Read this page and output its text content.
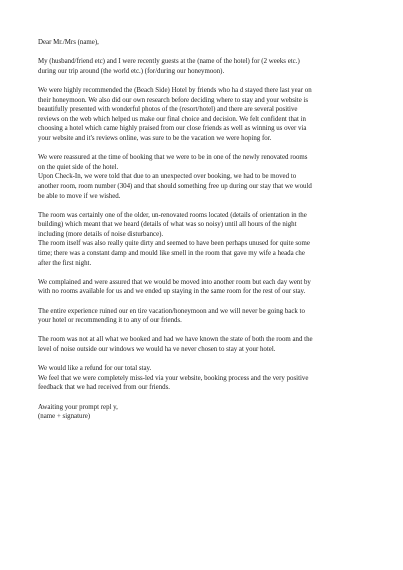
Dear Mr./Mrs (name),
My (husband/friend etc) and I were recently guests at the (name of the hotel) for (2 weeks etc.)
during our trip around (the world etc.) (for/during our honeymoon).
We were highly recommended the (Beach Side) Hotel by friends who ha d stayed there last year on
their honeymoon. We also did our own research before deciding where to stay and your website is
beautifully presented with wonderful photos of the (resort/hotel) and there are several positive
reviews on the web which helped us make our final choice and decision. We felt confident that in
choosing a hotel which came highly praised from our close friends as well as winning us over via
your website and it's reviews online, was sure to be the vacation we were hoping for.
We were reassured at the time of booking that we were to be in one of the newly renovated rooms
on the quiet side of the hotel.
Upon Check-In, we were told that due to an unexpected over booking, we had to be moved to
another room, room number (304) and that should something free up during our stay that we would
be able to move if we wished.
The room was certainly one of the older, un-renovated rooms located (details of orientation in the
building) which meant that we heard (details of what was so noisy) until all hours of the night
including (more details of noise disturbance).
The room itself was also really quite dirty and seemed to have been perhaps unused for quite some
time; there was a constant damp and mould like smell in the room that gave my wife a heada che
after the first night.
We complained and were assured that we would be moved into another room but each day went by
with no rooms available for us and we ended up staying in the same room for the rest of our stay.
The entire experience ruined our en tire vacation/honeymoon and we will never be going back to
your hotel or recommending it to any of our friends.
The room was not at all what we booked and had we have known the state of both the room and the
level of noise outside our windows we would ha ve never chosen to stay at your hotel.
We would like a refund for our total stay.
We feel that we were completely miss-led via your website, booking process and the very positive
feedback that we had received from our friends.
Awaiting your prompt repl y,
(name + signature)
